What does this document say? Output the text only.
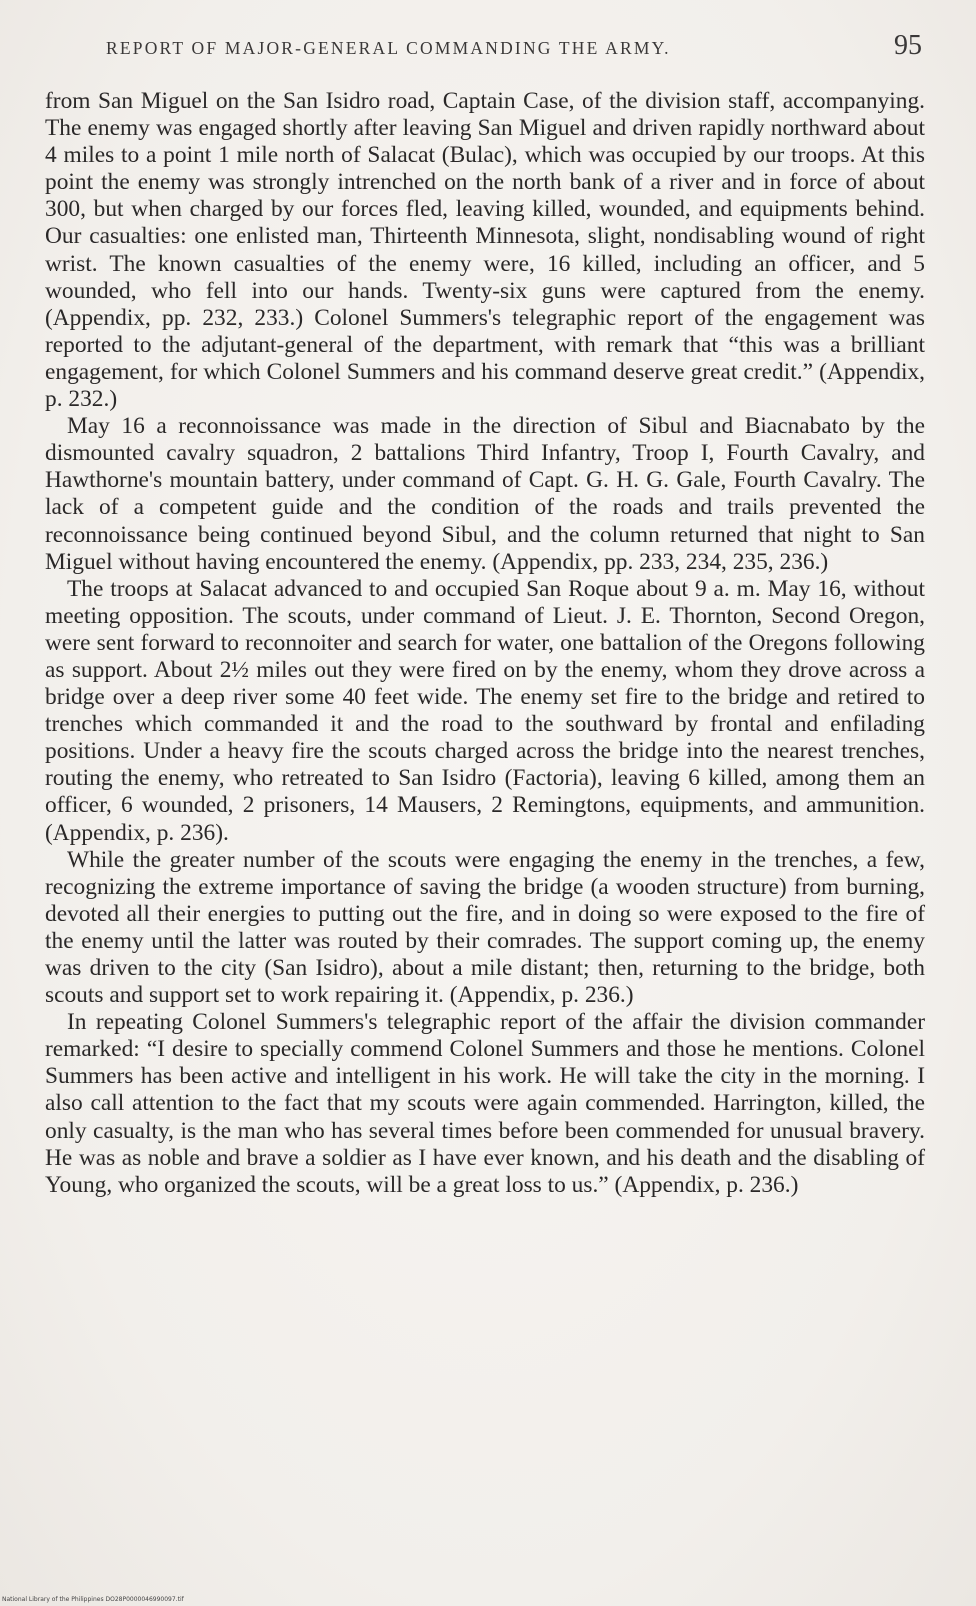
REPORT OF MAJOR-GENERAL COMMANDING THE ARMY.	95

from San Miguel on the San Isidro road, Captain Case, of the division staff, accompanying. The enemy was engaged shortly after leaving San Miguel and driven rapidly northward about 4 miles to a point 1 mile north of Salacat (Bulac), which was occupied by our troops. At this point the enemy was strongly intrenched on the north bank of a river and in force of about 300, but when charged by our forces fled, leaving killed, wounded, and equipments behind. Our casualties: one enlisted man, Thirteenth Minnesota, slight, nondisabling wound of right wrist. The known casualties of the enemy were, 16 killed, including an officer, and 5 wounded, who fell into our hands. Twenty-six guns were captured from the enemy. (Appendix, pp. 232, 233.) Colonel Summers's telegraphic report of the engagement was reported to the adjutant-general of the department, with remark that “this was a brilliant engagement, for which Colonel Summers and his command deserve great credit.” (Appendix, p. 232.)

May 16 a reconnoissance was made in the direction of Sibul and Biacnabato by the dismounted cavalry squadron, 2 battalions Third Infantry, Troop I, Fourth Cavalry, and Hawthorne's mountain battery, under command of Capt. G. H. G. Gale, Fourth Cavalry. The lack of a competent guide and the condition of the roads and trails prevented the reconnoissance being continued beyond Sibul, and the column returned that night to San Miguel without having encountered the enemy. (Appendix, pp. 233, 234, 235, 236.)

The troops at Salacat advanced to and occupied San Roque about 9 a. m. May 16, without meeting opposition. The scouts, under command of Lieut. J. E. Thornton, Second Oregon, were sent forward to reconnoiter and search for water, one battalion of the Oregons following as support. About 2½ miles out they were fired on by the enemy, whom they drove across a bridge over a deep river some 40 feet wide. The enemy set fire to the bridge and retired to trenches which commanded it and the road to the southward by frontal and enfilading positions. Under a heavy fire the scouts charged across the bridge into the nearest trenches, routing the enemy, who retreated to San Isidro (Factoria), leaving 6 killed, among them an officer, 6 wounded, 2 prisoners, 14 Mausers, 2 Remingtons, equipments, and ammunition. (Appendix, p. 236).

While the greater number of the scouts were engaging the enemy in the trenches, a few, recognizing the extreme importance of saving the bridge (a wooden structure) from burning, devoted all their energies to putting out the fire, and in doing so were exposed to the fire of the enemy until the latter was routed by their comrades. The support coming up, the enemy was driven to the city (San Isidro), about a mile distant; then, returning to the bridge, both scouts and support set to work repairing it. (Appendix, p. 236.)

In repeating Colonel Summers's telegraphic report of the affair the division commander remarked: “I desire to specially commend Colonel Summers and those he mentions. Colonel Summers has been active and intelligent in his work. He will take the city in the morning. I also call attention to the fact that my scouts were again commended. Harrington, killed, the only casualty, is the man who has several times before been commended for unusual bravery. He was as noble and brave a soldier as I have ever known, and his death and the disabling of Young, who organized the scouts, will be a great loss to us.” (Appendix, p. 236.)

National Library of the Philippines DO28P0000046990097.tif
